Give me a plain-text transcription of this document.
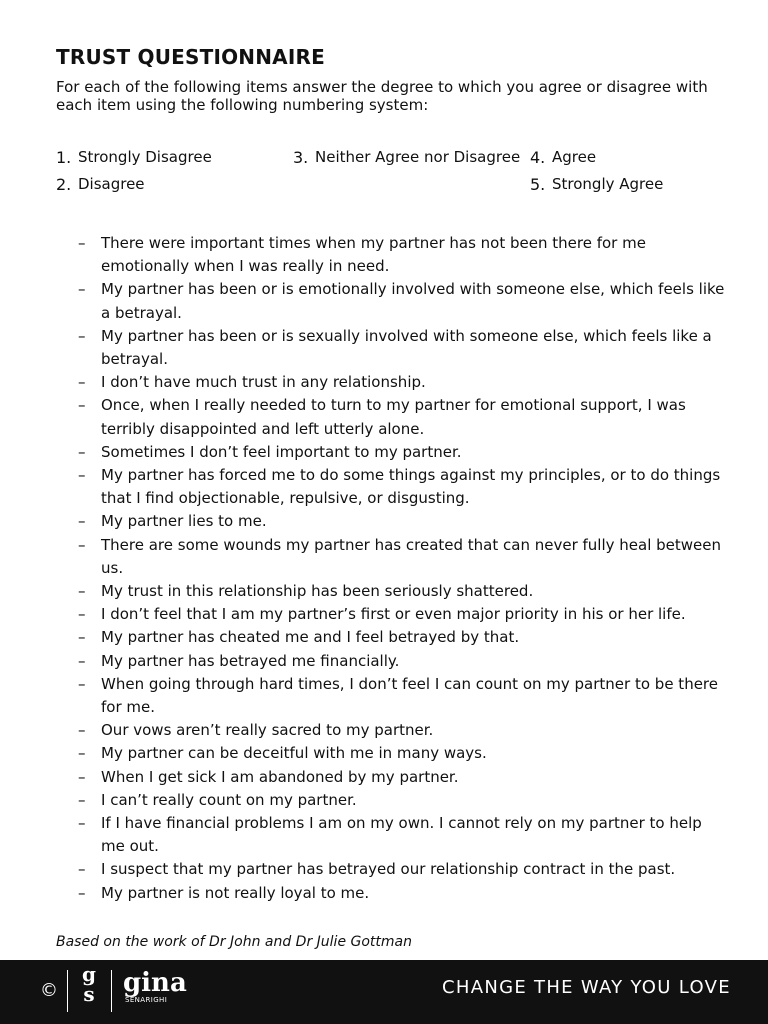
TRUST QUESTIONNAIRE

For each of the following items answer the degree to which you agree or disagree with each item using the following numbering system:

1. Strongly Disagree
2. Disagree
3. Neither Agree nor Disagree 4. Agree
5. Strongly Agree
–	There were important times when my partner has not been there for me emotionally when I was really in need.
–	My partner has been or is emotionally involved with someone else, which feels like a betrayal.
–	My partner has been or is sexually involved with someone else, which feels like a betrayal.
–	I don’t have much trust in any relationship.
–	Once, when I really needed to turn to my partner for emotional support, I was terribly disappointed and left utterly alone.
–	Sometimes I don’t feel important to my partner.
–	My partner has forced me to do some things against my principles, or to do things that I find objectionable, repulsive, or disgusting.
–	My partner lies to me.
–	There are some wounds my partner has created that can never fully heal between us.
–	My trust in this relationship has been seriously shattered.
–	I don’t feel that I am my partner’s first or even major priority in his or her life.
–	My partner has cheated me and I feel betrayed by that.
–	My partner has betrayed me financially.
–	When going through hard times, I don’t feel I can count on my partner to be there for me.
–	Our vows aren’t really sacred to my partner.
–	My partner can be deceitful with me in many ways.
–	When I get sick I am abandoned by my partner.
–	I can’t really count on my partner.
–	If I have financial problems I am on my own. I cannot rely on my partner to help me out.
–	I suspect that my partner has betrayed our relationship contract in the past.
–	My partner is not really loyal to me.

Based on the work of Dr John and Dr Julie Gottman

©
g
s gina
SENARIGHI
CHANGE THE WAY YOU LOVE
